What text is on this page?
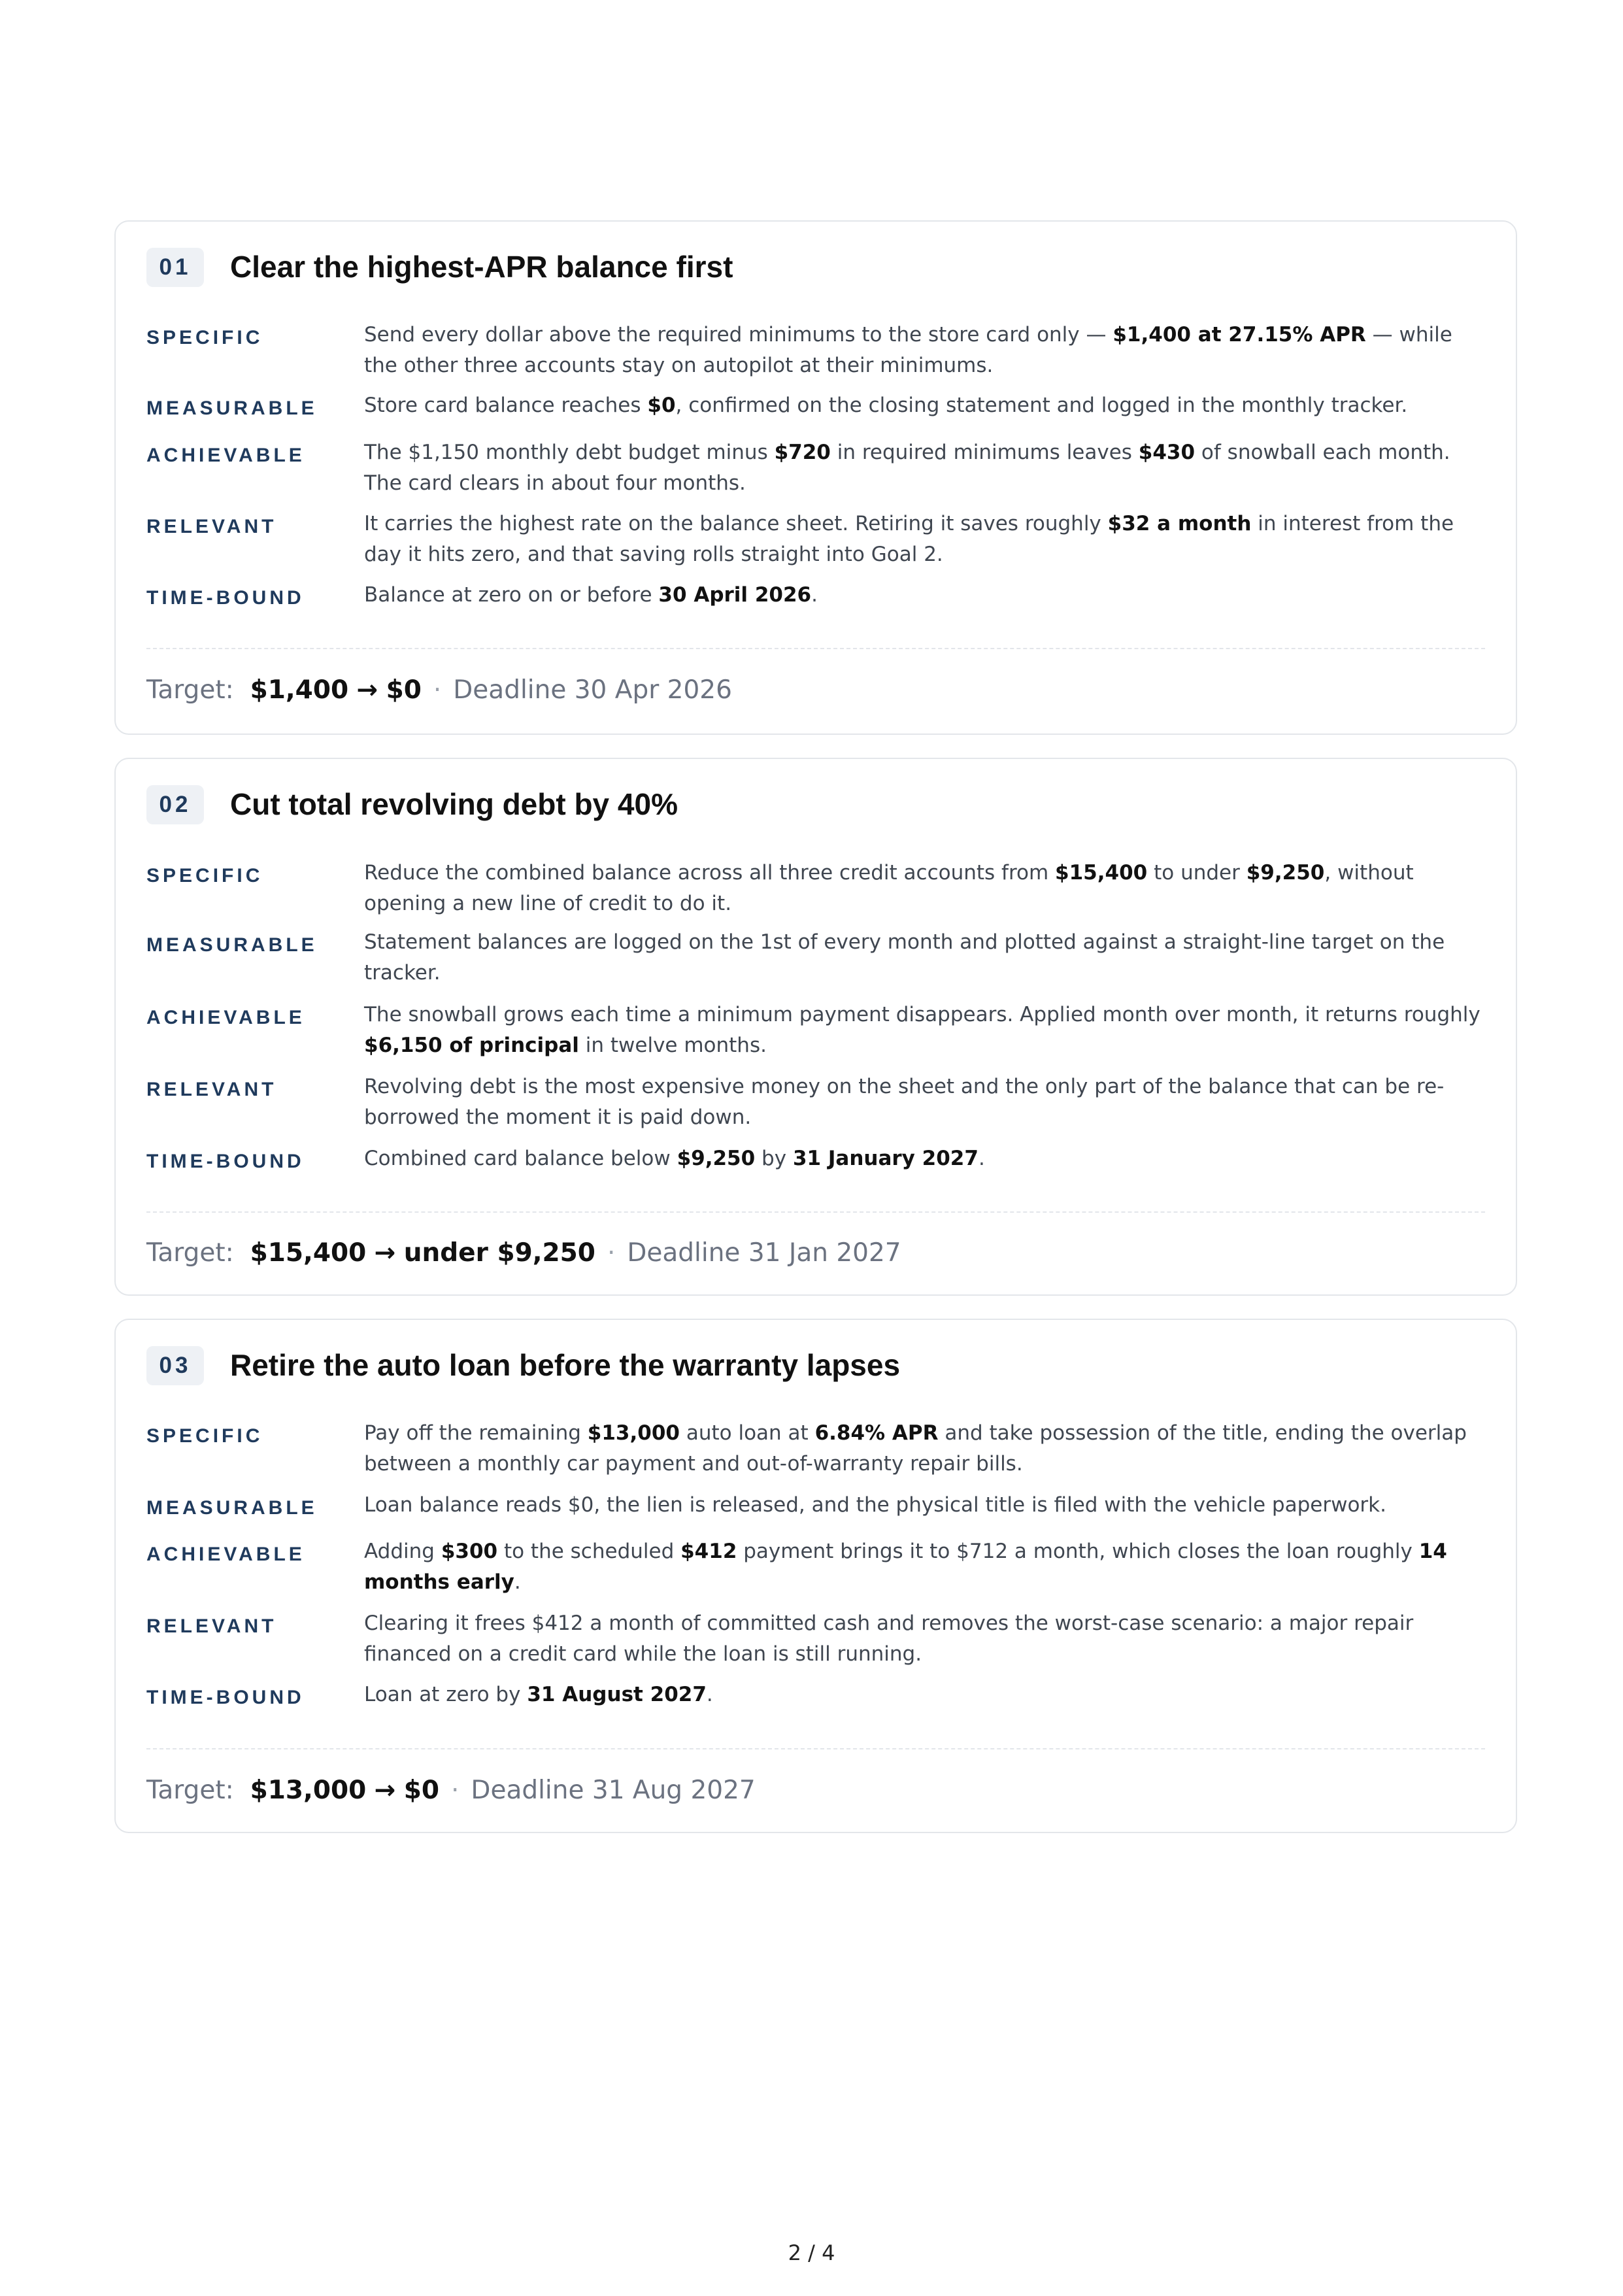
01	Clear the highest-APR balance first
SPECIFIC	Send every dollar above the required minimums to the store card only — $1,400 at 27.15% APR — while the other three accounts stay on autopilot at their minimums.
MEASURABLE Store card balance reaches $0, confirmed on the closing statement and logged in the monthly tracker.
ACHIEVABLE	The $1,150 monthly debt budget minus $720 in required minimums leaves $430 of snowball each month. The card clears in about four months.
RELEVANT	It carries the highest rate on the balance sheet. Retiring it saves roughly $32 a month in interest from the day it hits zero, and that saving rolls straight into Goal 2.
TIME-BOUND	Balance at zero on or before 30 April 2026.
Target: $1,400 → $0 · Deadline 30 Apr 2026
02	Cut total revolving debt by 40%
SPECIFIC	Reduce the combined balance across all three credit accounts from $15,400 to under $9,250, without opening a new line of credit to do it.
MEASURABLE Statement balances are logged on the 1st of every month and plotted against a straight-line target on the tracker.
ACHIEVABLE	The snowball grows each time a minimum payment disappears. Applied month over month, it returns roughly $6,150 of principal in twelve months.
RELEVANT	Revolving debt is the most expensive money on the sheet and the only part of the balance that can be re-borrowed the moment it is paid down.
TIME-BOUND	Combined card balance below $9,250 by 31 January 2027.
Target: $15,400 → under $9,250 · Deadline 31 Jan 2027
03	Retire the auto loan before the warranty lapses
SPECIFIC	Pay off the remaining $13,000 auto loan at 6.84% APR and take possession of the title, ending the overlap between a monthly car payment and out-of-warranty repair bills.
MEASURABLE Loan balance reads $0, the lien is released, and the physical title is filed with the vehicle paperwork.
ACHIEVABLE	Adding $300 to the scheduled $412 payment brings it to $712 a month, which closes the loan roughly 14 months early.
RELEVANT	Clearing it frees $412 a month of committed cash and removes the worst-case scenario: a major repair financed on a credit card while the loan is still running.
TIME-BOUND	Loan at zero by 31 August 2027.
Target: $13,000 → $0 · Deadline 31 Aug 2027
2 / 4
